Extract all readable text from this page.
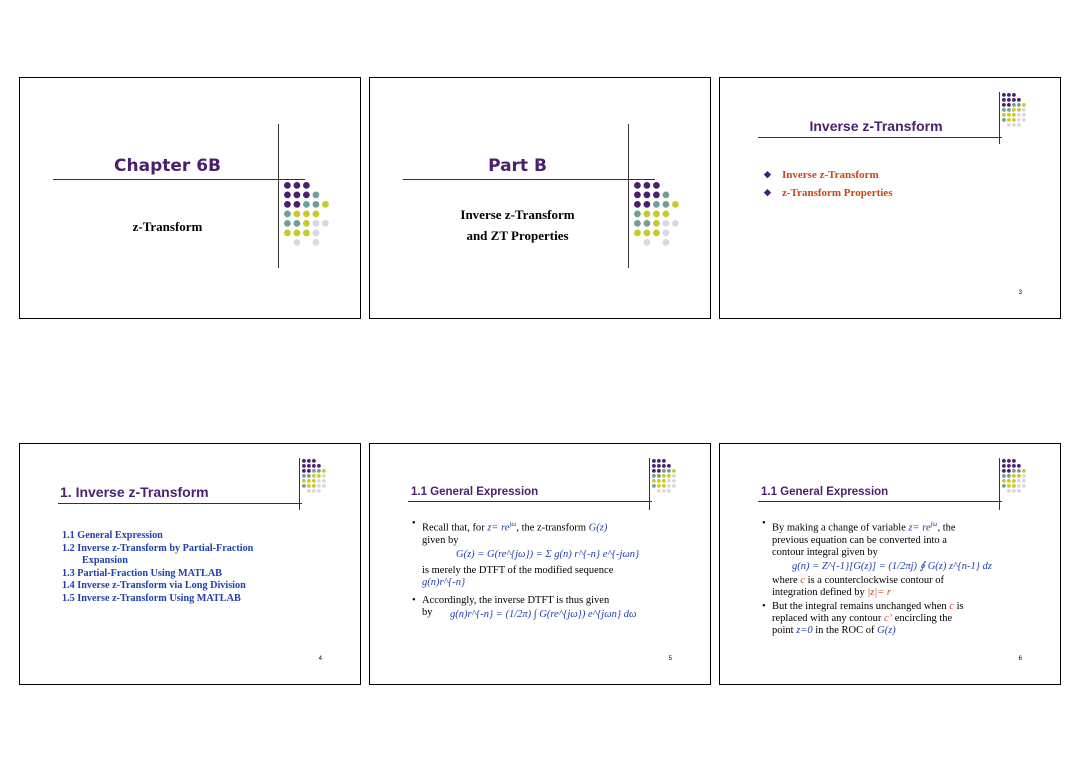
Chapter 6B
z-Transform
Part B
Inverse z-Transform
and ZT Properties
Inverse z-Transform
◆ Inverse z-Transform
◆ z-Transform Properties
3
1. Inverse z-Transform
1.1 General Expression
1.2 Inverse z-Transform by Partial-Fraction
Expansion
1.3 Partial-Fraction Using MATLAB
1.4 Inverse z-Transform via Long Division
1.5 Inverse z-Transform Using MATLAB
4
1.1 General Expression

• Recall that, for $z= re^{j\omega}$, the z-transform G(z)
given by

G(z) = G(re^{jω}) = Σ g(n) r^{-n} e^{-jωn}

is merely the DTFT of the modified sequence
g(n)r^{-n}

• Accordingly, the inverse DTFT is thus given
by	g(n)r^{-n} = (1/2π) ∫ G(re^{jω}) e^{jωn} dω
5
1.1 General Expression

• By making a change of variable $z= re^{j\omega}$, the
previous equation can be converted into a
contour integral given by

g(n) = Z^{-1}[G(z)] = (1/2πj) ∮ G(z) z^{n-1} dz

where c is a counterclockwise contour of
integration defined by |z|= r

• But the integral remains unchanged when c is
replaced with any contour c’ encircling the
point z=0 in the ROC of G(z)

6
